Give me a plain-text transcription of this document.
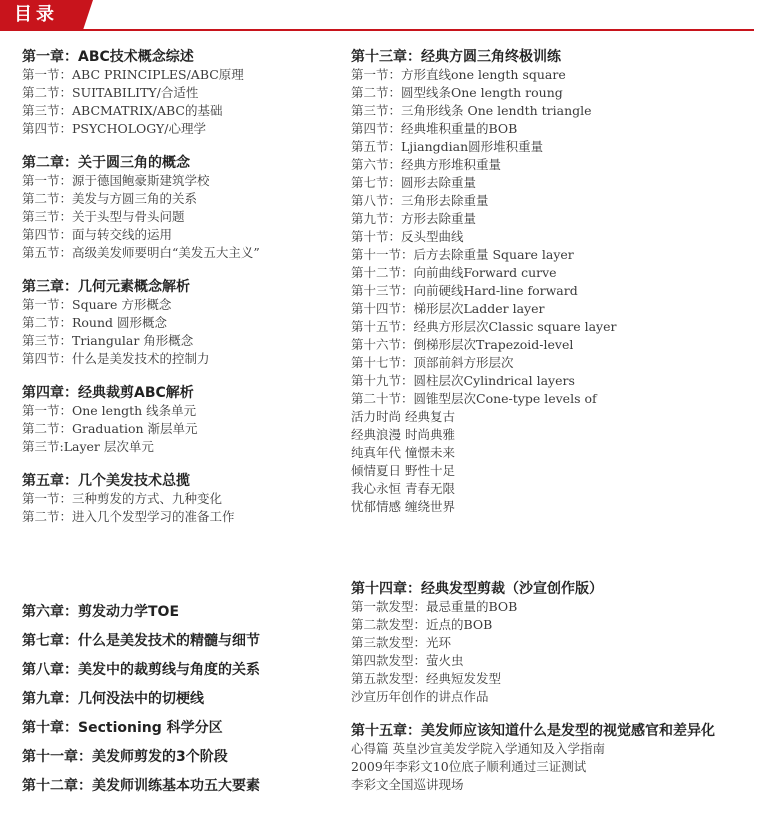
目录
第一章：ABC技术概念综述
第一节：ABC PRINCIPLES/ABC原理
第二节：SUITABILITY/合适性
第三节：ABCMATRIX/ABC的基础
第四节：PSYCHOLOGY/心理学
第二章：关于圆三角的概念
第一节：源于德国鲍豪斯建筑学校
第二节：美发与方圆三角的关系
第三节：关于头型与骨头问题
第四节：面与转交线的运用
第五节：高级美发师要明白“美发五大主义”
第三章：几何元素概念解析
第一节：Square 方形概念
第二节：Round 圆形概念
第三节：Triangular 角形概念
第四节：什么是美发技术的控制力
第四章：经典裁剪ABC解析
第一节：One length 线条单元
第二节：Graduation 渐层单元
第三节:Layer 层次单元
第五章：几个美发技术总揽
第一节：三种剪发的方式、九种变化
第二节：进入几个发型学习的准备工作
第十三章：经典方圆三角终极训练
第一节：方形直线one length square
第二节：圆型线条One length roung
第三节：三角形线条 One lendth triangle
第四节：经典堆积重量的BOB
第五节：Ljiangdian圆形堆积重量
第六节：经典方形堆积重量
第七节：圆形去除重量
第八节：三角形去除重量
第九节：方形去除重量
第十节：反头型曲线
第十一节：后方去除重量 Square layer
第十二节：向前曲线Forward curve
第十三节：向前硬线Hard-line forward
第十四节：梯形层次Ladder layer
第十五节：经典方形层次Classic square layer
第十六节：倒梯形层次Trapezoid-level
第十七节：顶部前斜方形层次
第十九节：圆柱层次Cylindrical layers
第二十节：圆锥型层次Cone-type levels of
活力时尚 经典复古
经典浪漫 时尚典雅
纯真年代 憧憬未来
倾情夏日 野性十足
我心永恒 青春无限
忧郁情感 缠绕世界
第六章：剪发动力学TOE
第七章：什么是美发技术的精髓与细节
第八章：美发中的裁剪线与角度的关系
第九章：几何没法中的切梗线
第十章：Sectioning 科学分区
第十一章：美发师剪发的3个阶段
第十二章：美发师训练基本功五大要素
第十四章：经典发型剪裁（沙宣创作版）
第一款发型：最忌重量的BOB
第二款发型：近点的BOB
第三款发型：光环
第四款发型：萤火虫
第五款发型：经典短发发型
沙宣历年创作的讲点作品
第十五章：美发师应该知道什么是发型的视觉感官和差异化
心得篇 英皇沙宣美发学院入学通知及入学指南
2009年李彩文10位底子顺利通过三证测试
李彩文全国巡讲现场
